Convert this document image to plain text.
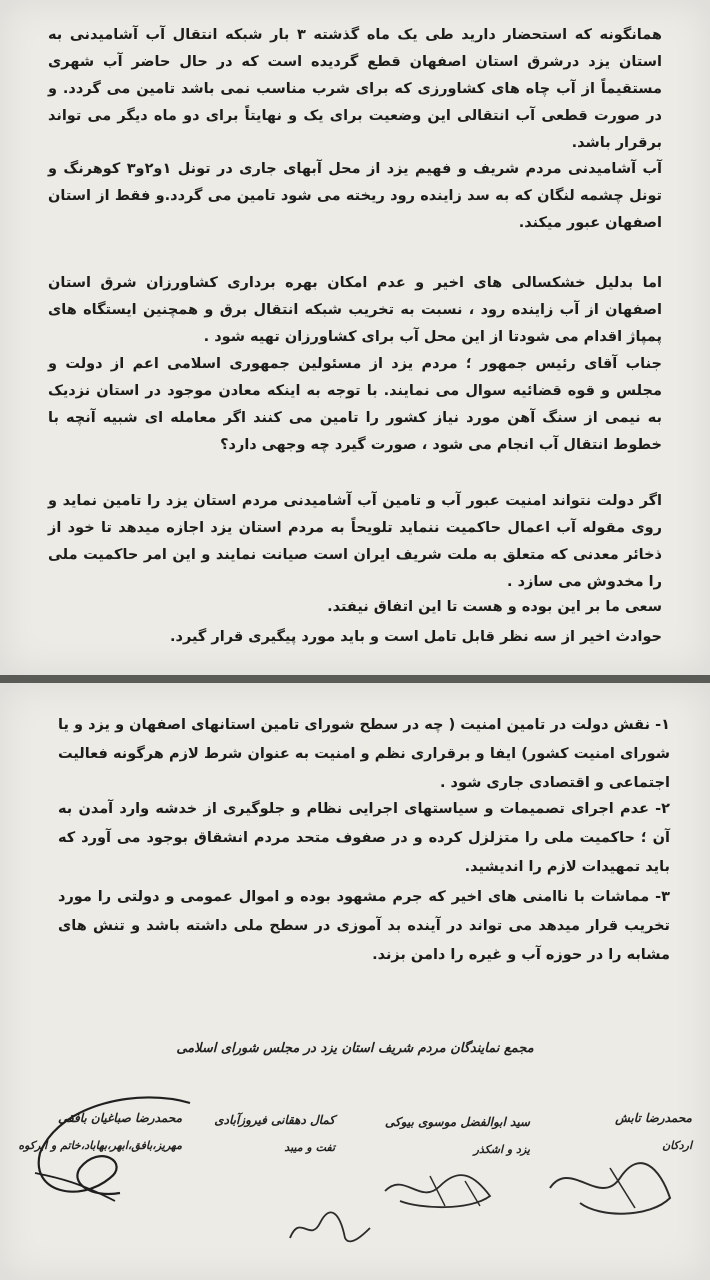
همانگونه که استحضار دارید طی یک ماه گذشته ۳ بار شبکه انتقال آب آشامیدنی به استان یزد درشرق استان اصفهان قطع گردیده است که در حال حاضر آب شهری مستقیماً از آب چاه های کشاورزی که برای شرب مناسب نمی باشد تامین می گردد. و در صورت قطعی آب انتقالی این وضعیت برای یک و نهایتاً برای دو ماه دیگر می تواند برقرار باشد.
آب آشامیدنی مردم شریف و فهیم یزد از محل آبهای جاری در تونل ۱و۲و۳ کوهرنگ و تونل چشمه لنگان که به سد زاینده رود ریخته می شود تامین می گردد.و فقط از استان اصفهان عبور میکند.
اما بدلیل خشکسالی های اخیر و عدم امکان بهره برداری کشاورزان شرق استان اصفهان از آب زاینده رود ، نسبت به تخریب شبکه انتقال برق و همچنین ایستگاه های پمپاژ اقدام می شودتا از این محل آب برای کشاورزان تهیه شود .
جناب آقای رئیس جمهور ؛ مردم یزد از مسئولین جمهوری اسلامی اعم از دولت و مجلس و قوه قضائیه سوال می نمایند. با توجه به اینکه معادن موجود در استان نزدیک به نیمی از سنگ آهن مورد نیاز کشور را تامین می کنند اگر معامله ای شبیه آنچه با خطوط انتقال آب انجام می شود ، صورت گیرد چه وجهی دارد؟
اگر دولت نتواند امنیت عبور آب و تامین آب آشامیدنی مردم استان یزد را تامین نماید و روی مقوله آب اعمال حاکمیت ننماید تلویحاً به مردم استان یزد اجازه میدهد تا خود از ذخائر معدنی که متعلق به ملت شریف ایران است صیانت نمایند و این امر حاکمیت ملی را مخدوش می سازد .
سعی ما بر این بوده و هست تا این اتفاق نیفتد.
حوادث اخیر از سه نظر قابل تامل است و باید مورد پیگیری قرار گیرد.
۱- نقش دولت در تامین امنیت ( چه در سطح شورای تامین استانهای اصفهان و یزد و یا شورای امنیت کشور) ایفا و برقراری نظم و امنیت به عنوان شرط لازم هرگونه فعالیت اجتماعی و اقتصادی جاری شود .
۲- عدم اجرای تصمیمات و سیاستهای اجرایی نظام و جلوگیری از خدشه وارد آمدن به آن ؛ حاکمیت ملی را متزلزل کرده و در صفوف متحد مردم انشقاق بوجود می آورد که باید تمهیدات لازم را اندیشید.
۳- مماشات با ناامنی های اخیر که جرم مشهود بوده و اموال عمومی و دولتی را مورد تخریب قرار میدهد می تواند در آینده بد آموزی در سطح ملی داشته باشد و تنش های مشابه را در حوزه آب و غیره را دامن بزند.
مجمع نمایندگان مردم شریف استان یزد در مجلس شورای اسلامی
محمدرضا تابش
اردکان
سید ابوالفضل موسوی بیوکی
یزد و اشکذر
کمال دهقانی فیروزآبادی
تفت و میبد
محمدرضا صباغیان بافقی
مهریز،بافق،ابهر،بهاباد،خاتم و ابرکوه
